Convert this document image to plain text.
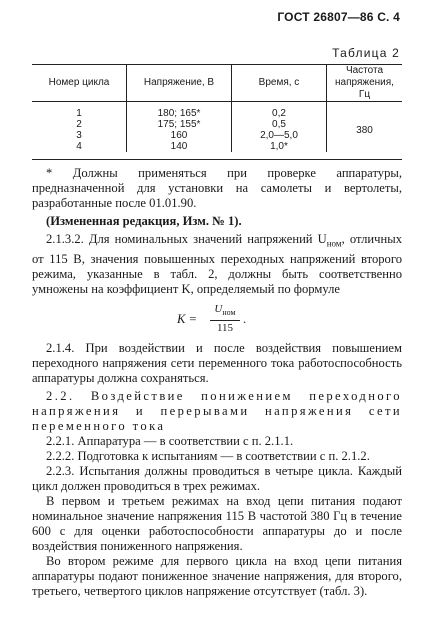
ГОСТ 26807—86 С. 4
Таблица 2
Номер цикла	Напряжение, В	Время, с	Частота напряжения, Гц
1	180; 165*	0,2	380
2	175; 155*	0,5	
3	160	2,0—5,0	
4	140	1,0*	

* Должны применяться при проверке аппаратуры, предназначенной для установки на самолеты и вертолеты, разработанные после 01.01.90.

(Измененная редакция, Изм. № 1).

2.1.3.2. Для номинальных значений напряжений $U_{ном}$, отличных от 115 В, значения повышенных переходных напряжений второго режима, указанные в табл. 2, должны быть соответственно умножены на коэффициент K, определяемый по формуле

K =
$U_{ном}$
115
.

2.1.4. При воздействии и после воздействия повышением переходного напряжения сети переменного тока работоспособность аппаратуры должна сохраняться.

2.2. Воздействие понижением переходного напряжения и перерывами напряжения сети переменного тока

2.2.1. Аппаратура — в соответствии с п. 2.1.1.

2.2.2. Подготовка к испытаниям — в соответствии с п. 2.1.2.

2.2.3. Испытания должны проводиться в четыре цикла. Каждый цикл должен проводиться в трех режимах.

В первом и третьем режимах на вход цепи питания подают номинальное значение напряжения 115 В частотой 380 Гц в течение 600 с для оценки работоспособности аппаратуры до и после воздействия пониженного напряжения.

Во втором режиме для первого цикла на вход цепи питания аппаратуры подают пониженное значение напряжения, для второго, третьего, четвертого циклов напряжение отсутствует (табл. 3).
